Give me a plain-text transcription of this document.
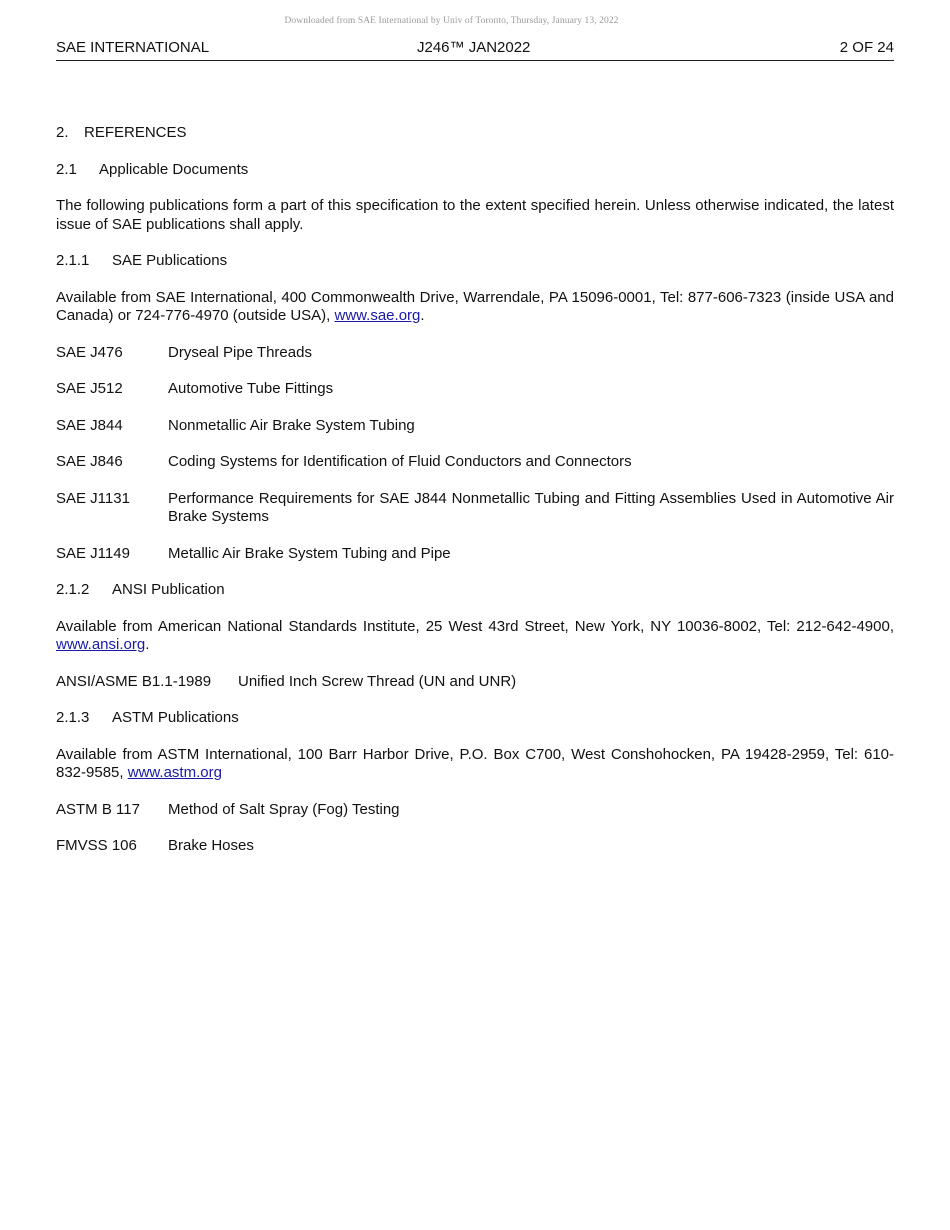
Downloaded from SAE International by Univ of Toronto, Thursday, January 13, 2022
SAE INTERNATIONAL	J246™ JAN2022	2 OF 24
2. REFERENCES
2.1 Applicable Documents

The following publications form a part of this specification to the extent specified herein. Unless otherwise indicated, the latest issue of SAE publications shall apply.

2.1.1 SAE Publications

Available from SAE International, 400 Commonwealth Drive, Warrendale, PA 15096-0001, Tel: 877-606-7323 (inside USA and Canada) or 724-776-4970 (outside USA), www.sae.org.

SAE J476	Dryseal Pipe Threads
SAE J512	Automotive Tube Fittings
SAE J844	Nonmetallic Air Brake System Tubing
SAE J846	Coding Systems for Identification of Fluid Conductors and Connectors
SAE J1131	Performance Requirements for SAE J844 Nonmetallic Tubing and Fitting Assemblies Used in Automotive Air Brake Systems
SAE J1149	Metallic Air Brake System Tubing and Pipe
2.1.2 ANSI Publication

Available from American National Standards Institute, 25 West 43rd Street, New York, NY 10036-8002, Tel: 212-642-4900, www.ansi.org.

ANSI/ASME B1.1-1989	Unified Inch Screw Thread (UN and UNR)
2.1.3 ASTM Publications

Available from ASTM International, 100 Barr Harbor Drive, P.O. Box C700, West Conshohocken, PA 19428-2959, Tel: 610-832-9585, www.astm.org

ASTM B 117	Method of Salt Spray (Fog) Testing
FMVSS 106	Brake Hoses
